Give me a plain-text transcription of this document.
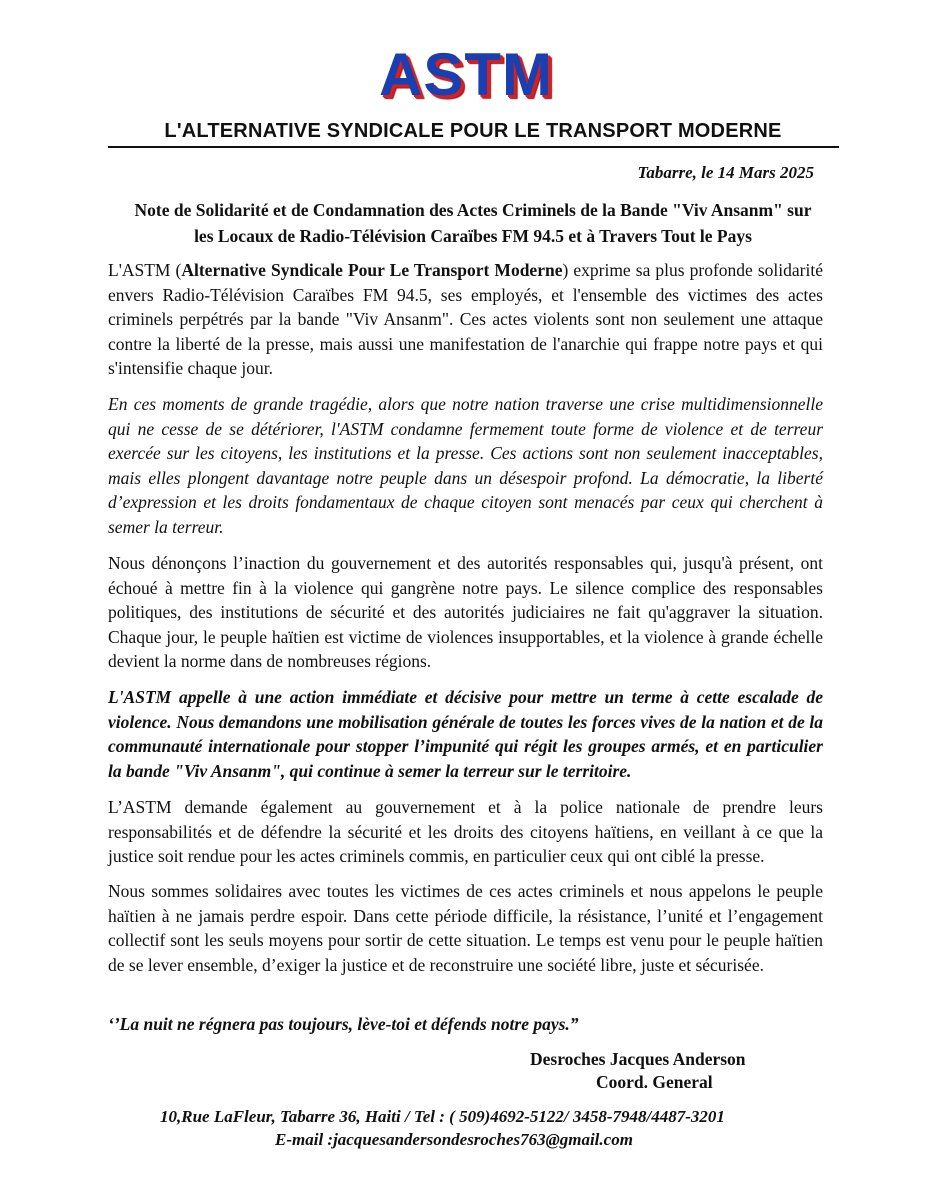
ASTM
L'ALTERNATIVE SYNDICALE POUR LE TRANSPORT MODERNE
Tabarre, le 14 Mars 2025
Note de Solidarité et de Condamnation des Actes Criminels de la Bande "Viv Ansanm" sur
les Locaux de Radio-Télévision Caraïbes FM 94.5 et à Travers Tout le Pays

L'ASTM (Alternative Syndicale Pour Le Transport Moderne) exprime sa plus profonde solidarité envers Radio-Télévision Caraïbes FM 94.5, ses employés, et l'ensemble des victimes des actes criminels perpétrés par la bande "Viv Ansanm". Ces actes violents sont non seulement une attaque contre la liberté de la presse, mais aussi une manifestation de l'anarchie qui frappe notre pays et qui s'intensifie chaque jour.

En ces moments de grande tragédie, alors que notre nation traverse une crise multidimensionnelle qui ne cesse de se détériorer, l'ASTM condamne fermement toute forme de violence et de terreur exercée sur les citoyens, les institutions et la presse. Ces actions sont non seulement inacceptables, mais elles plongent davantage notre peuple dans un désespoir profond. La démocratie, la liberté d’expression et les droits fondamentaux de chaque citoyen sont menacés par ceux qui cherchent à semer la terreur.

Nous dénonçons l’inaction du gouvernement et des autorités responsables qui, jusqu'à présent, ont échoué à mettre fin à la violence qui gangrène notre pays. Le silence complice des responsables politiques, des institutions de sécurité et des autorités judiciaires ne fait qu'aggraver la situation. Chaque jour, le peuple haïtien est victime de violences insupportables, et la violence à grande échelle devient la norme dans de nombreuses régions.

L'ASTM appelle à une action immédiate et décisive pour mettre un terme à cette escalade de violence. Nous demandons une mobilisation générale de toutes les forces vives de la nation et de la communauté internationale pour stopper l’impunité qui régit les groupes armés, et en particulier la bande "Viv Ansanm", qui continue à semer la terreur sur le territoire.

L’ASTM demande également au gouvernement et à la police nationale de prendre leurs responsabilités et de défendre la sécurité et les droits des citoyens haïtiens, en veillant à ce que la justice soit rendue pour les actes criminels commis, en particulier ceux qui ont ciblé la presse.

Nous sommes solidaires avec toutes les victimes de ces actes criminels et nous appelons le peuple haïtien à ne jamais perdre espoir. Dans cette période difficile, la résistance, l’unité et l’engagement collectif sont les seuls moyens pour sortir de cette situation. Le temps est venu pour le peuple haïtien de se lever ensemble, d’exiger la justice et de reconstruire une société libre, juste et sécurisée.

‘’La nuit ne régnera pas toujours, lève-toi et défends notre pays.”
Desroches Jacques Anderson
Coord. General
10,Rue LaFleur, Tabarre 36, Haiti / Tel : ( 509)4692-5122/ 3458-7948/4487-3201
E-mail :jacquesandersondesroches763@gmail.com
